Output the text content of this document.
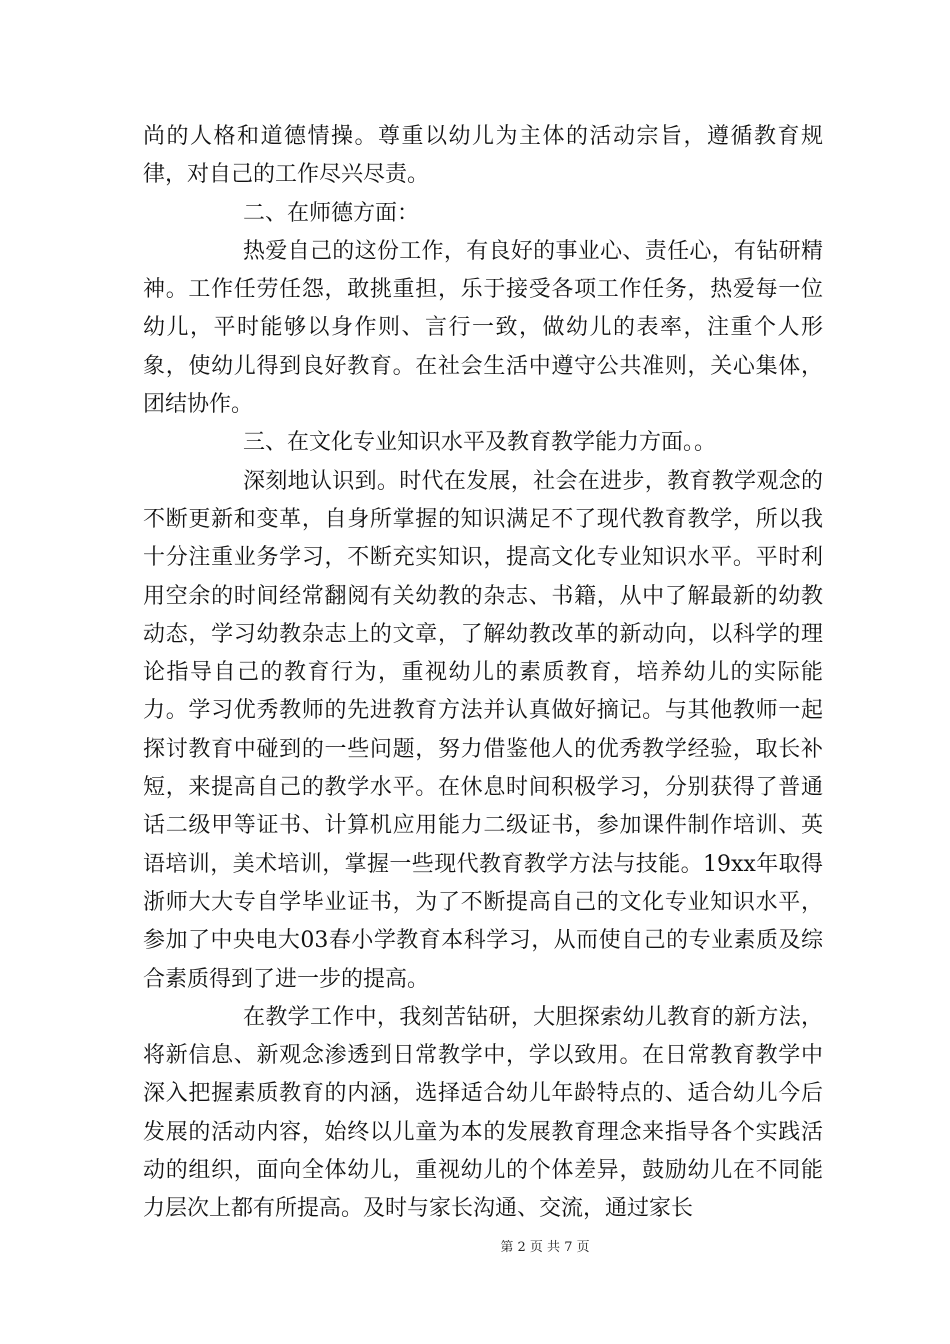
尚的人格和道德情操。尊重以幼儿为主体的活动宗旨，遵循教育规律，对自己的工作尽兴尽责。

二、在师德方面：

热爱自己的这份工作，有良好的事业心、责任心，有钻研精神。工作任劳任怨，敢挑重担，乐于接受各项工作任务，热爱每一位幼儿，平时能够以身作则、言行一致，做幼儿的表率，注重个人形象，使幼儿得到良好教育。在社会生活中遵守公共准则，关心集体，团结协作。

三、在文化专业知识水平及教育教学能力方面。。

深刻地认识到。时代在发展，社会在进步，教育教学观念的不断更新和变革，自身所掌握的知识满足不了现代教育教学，所以我十分注重业务学习，不断充实知识，提高文化专业知识水平。平时利用空余的时间经常翻阅有关幼教的杂志、书籍，从中了解最新的幼教动态，学习幼教杂志上的文章，了解幼教改革的新动向，以科学的理论指导自己的教育行为，重视幼儿的素质教育，培养幼儿的实际能力。学习优秀教师的先进教育方法并认真做好摘记。与其他教师一起探讨教育中碰到的一些问题，努力借鉴他人的优秀教学经验，取长补短，来提高自己的教学水平。在休息时间积极学习，分别获得了普通话二级甲等证书、计算机应用能力二级证书，参加课件制作培训、英语培训，美术培训，掌握一些现代教育教学方法与技能。19xx年取得浙师大大专自学毕业证书，为了不断提高自己的文化专业知识水平，参加了中央电大03春小学教育本科学习，从而使自己的专业素质及综合素质得到了进一步的提高。

在教学工作中，我刻苦钻研，大胆探索幼儿教育的新方法，将新信息、新观念渗透到日常教学中，学以致用。在日常教育教学中深入把握素质教育的内涵，选择适合幼儿年龄特点的、适合幼儿今后发展的活动内容，始终以儿童为本的发展教育理念来指导各个实践活动的组织，面向全体幼儿，重视幼儿的个体差异，鼓励幼儿在不同能力层次上都有所提高。及时与家长沟通、交流，通过家长

第 2 页 共 7 页
